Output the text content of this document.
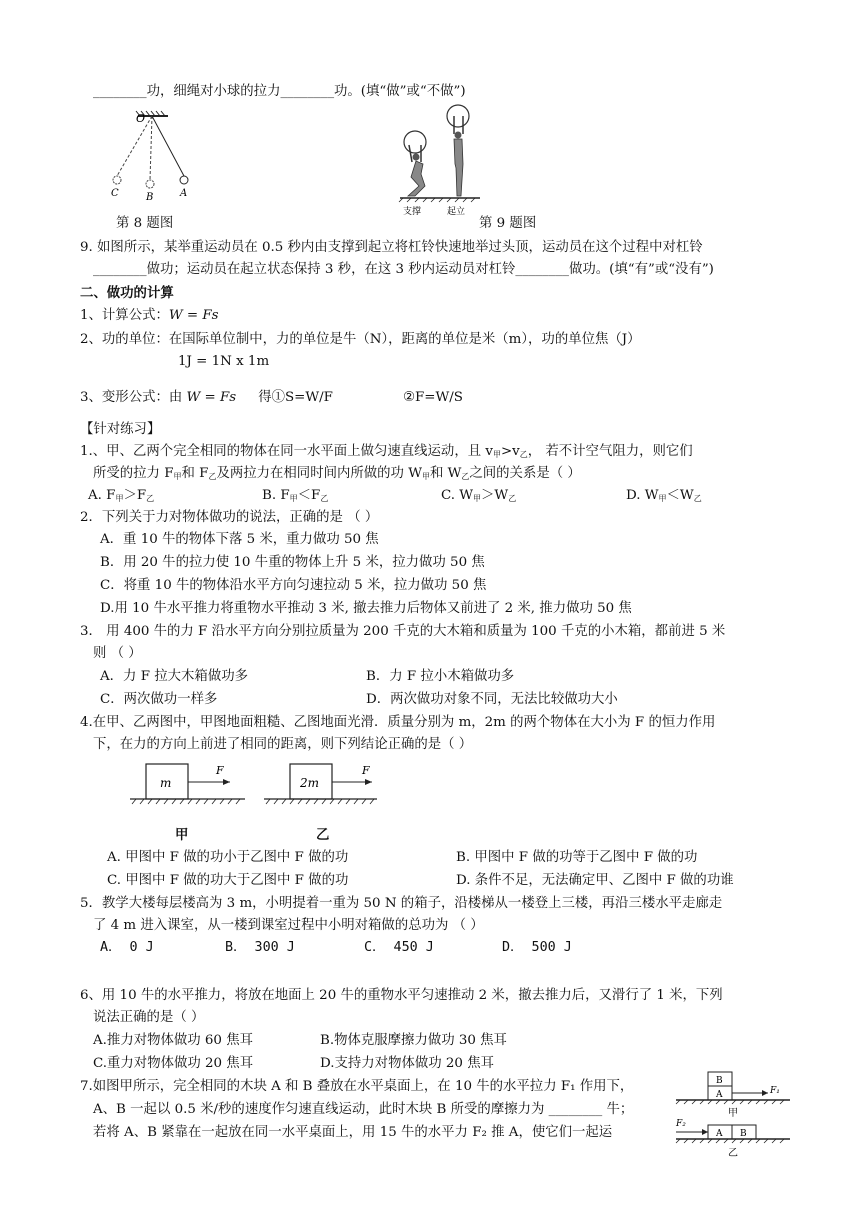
________功，细绳对小球的拉力________功。(填“做”或“不做”)
O
C	B	A
第 8 题图
支撑	起立
第 9 题图
9. 如图所示，某举重运动员在 0.5 秒内由支撑到起立将杠铃快速地举过头顶，运动员在这个过程中对杠铃
________做功；运动员在起立状态保持 3 秒，在这 3 秒内运动员对杠铃________做功。(填“有”或“没有”)
二、做功的计算
1、计算公式：W = Fs
2、功的单位：在国际单位制中，力的单位是牛（N），距离的单位是米（m），功的单位焦（J）
1J = 1N x 1m
3、变形公式：由 W = Fs 得①S=W/F	②F=W/S
【针对练习】
1.、甲、乙两个完全相同的物体在同一水平面上做匀速直线运动，且 $v_甲>v_乙$， 若不计空气阻力，则它们
所受的拉力 $F_甲$和 $F_乙$及两拉力在相同时间内所做的功 $W_甲$和 $W_乙$之间的关系是（ ）
A. $F_甲>F_乙$	B. $F_甲<F_乙$	C. $W_甲>W_乙$	D. $W_甲<W_乙$
2．下列关于力对物体做功的说法，正确的是 （ ）
A．重 10 牛的物体下落 5 米，重力做功 50 焦
B．用 20 牛的拉力使 10 牛重的物体上升 5 米，拉力做功 50 焦
C．将重 10 牛的物体沿水平方向匀速拉动 5 米，拉力做功 50 焦
D.用 10 牛水平推力将重物水平推动 3 米, 撤去推力后物体又前进了 2 米, 推力做功 50 焦
3． 用 400 牛的力 F 沿水平方向分别拉质量为 200 千克的大木箱和质量为 100 千克的小木箱，都前进 5 米
则 （ ）
A．力 F 拉大木箱做功多	B．力 F 拉小木箱做功多
C．两次做功一样多	D．两次做功对象不同，无法比较做功大小
4.在甲、乙两图中，甲图地面粗糙、乙图地面光滑．质量分别为 m，2m 的两个物体在大小为 F 的恒力作用
下，在力的方向上前进了相同的距离，则下列结论正确的是（ ）
m
F
2m
F
甲	乙
A. 甲图中 F 做的功小于乙图中 F 做的功	B. 甲图中 F 做的功等于乙图中 F 做的功
C. 甲图中 F 做的功大于乙图中 F 做的功	D. 条件不足，无法确定甲、乙图中 F 做的功谁
5．教学大楼每层楼高为 3 m，小明提着一重为 50 N 的箱子，沿楼梯从一楼登上三楼，再沿三楼水平走廊走
了 4 m 进入课室，从一楼到课室过程中小明对箱做的总功为 （ ）
A． 0 J	B． 300 J	C． 450 J	D． 500 J
6、用 10 牛的水平推力，将放在地面上 20 牛的重物水平匀速推动 2 米，撤去推力后，又滑行了 1 米，下列
说法正确的是（ ）
A.推力对物体做功 60 焦耳	B.物体克服摩擦力做功 30 焦耳
C.重力对物体做功 20 焦耳	D.支持力对物体做功 20 焦耳
7.如图甲所示，完全相同的木块 A 和 B 叠放在水平桌面上，在 10 牛的水平拉力 F₁ 作用下，
A、B 一起以 0.5 米/秒的速度作匀速直线运动，此时木块 B 所受的摩擦力为 ________ 牛；
若将 A、B 紧靠在一起放在同一水平桌面上，用 15 牛的水平力 F₂ 推 A，使它们一起运
B
A	F₁
甲
F₂
A B
乙
